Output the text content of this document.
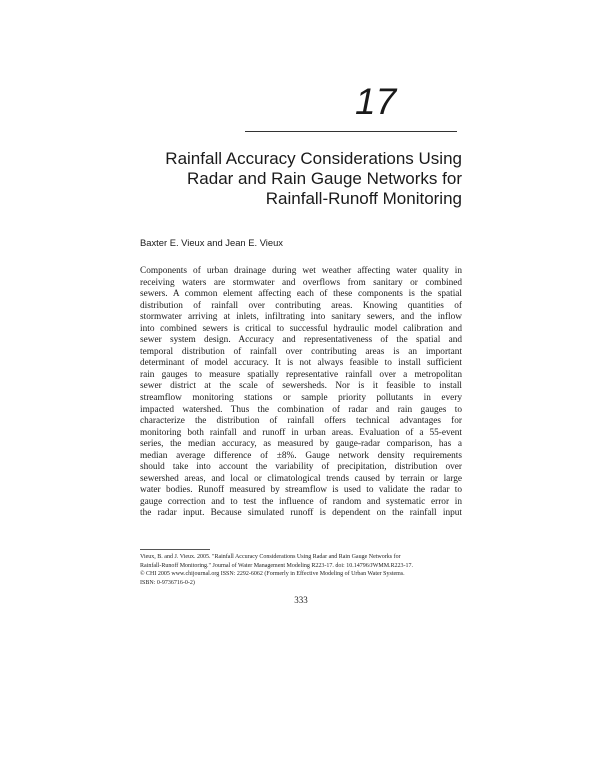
17
Rainfall Accuracy Considerations Using
Radar and Rain Gauge Networks for
Rainfall-Runoff Monitoring
Baxter E. Vieux and Jean E. Vieux
Components of urban drainage during wet weather affecting water quality in
receiving waters are stormwater and overflows from sanitary or combined
sewers. A common element affecting each of these components is the spatial
distribution of rainfall over contributing areas. Knowing quantities of
stormwater arriving at inlets, infiltrating into sanitary sewers, and the inflow
into combined sewers is critical to successful hydraulic model calibration and
sewer system design. Accuracy and representativeness of the spatial and
temporal distribution of rainfall over contributing areas is an important
determinant of model accuracy. It is not always feasible to install sufficient
rain gauges to measure spatially representative rainfall over a metropolitan
sewer district at the scale of sewersheds. Nor is it feasible to install
streamflow monitoring stations or sample priority pollutants in every
impacted watershed. Thus the combination of radar and rain gauges to
characterize the distribution of rainfall offers technical advantages for
monitoring both rainfall and runoff in urban areas. Evaluation of a 55-event
series, the median accuracy, as measured by gauge-radar comparison, has a
median average difference of ±8%. Gauge network density requirements
should take into account the variability of precipitation, distribution over
sewershed areas, and local or climatological trends caused by terrain or large
water bodies. Runoff measured by streamflow is used to validate the radar to
gauge correction and to test the influence of random and systematic error in
the radar input. Because simulated runoff is dependent on the rainfall input
Vieux, B. and J. Vieux. 2005. "Rainfall Accuracy Considerations Using Radar and Rain Gauge Networks for
Rainfall-Runoff Monitoring." Journal of Water Management Modeling R223-17. doi: 10.14796/JWMM.R223-17.
© CHI 2005 www.chijournal.org ISSN: 2292-6062 (Formerly in Effective Modeling of Urban Water Systems.
ISBN: 0-9736716-0-2)
333
